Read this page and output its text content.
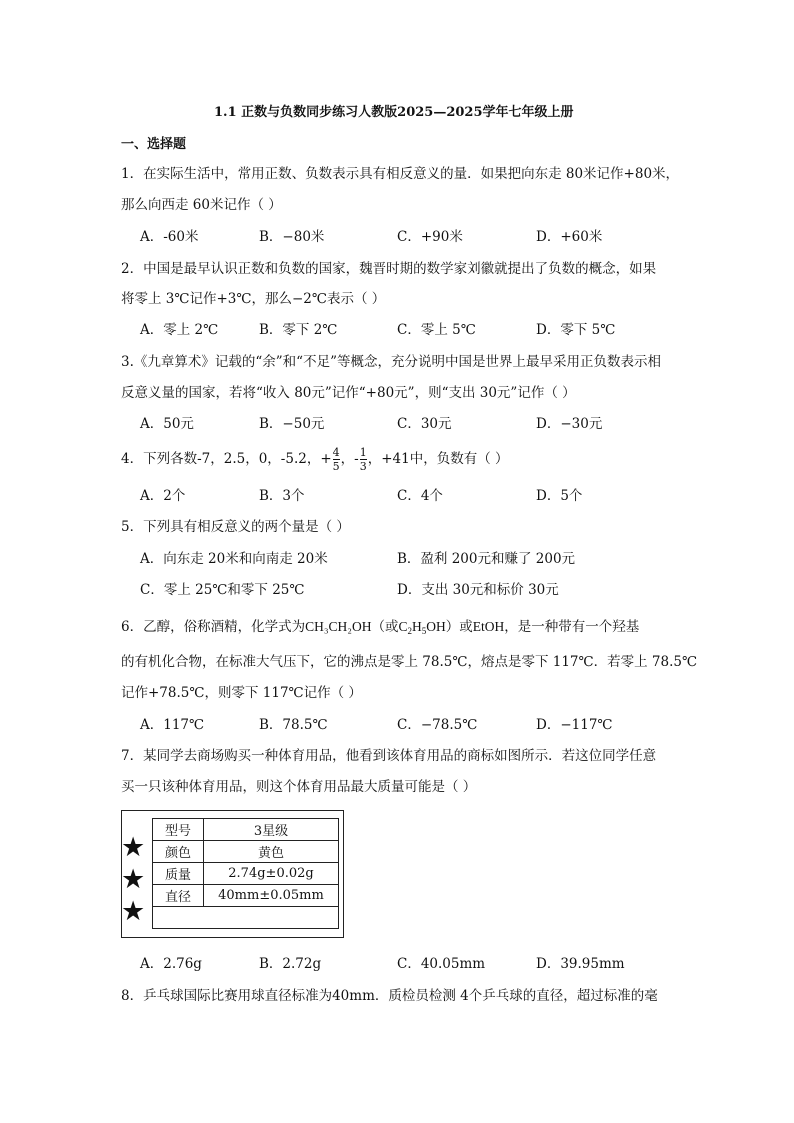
1.1 正数与负数同步练习人教版2025—2025学年七年级上册
一、选择题
1．在实际生活中，常用正数、负数表示具有相反意义的量．如果把向东走 80米记作+80米，
那么向西走 60米记作（ ）
A．-60米	B．−80米	C．+90米	D．+60米
2．中国是最早认识正数和负数的国家，魏晋时期的数学家刘徽就提出了负数的概念，如果
将零上 3℃记作+3℃，那么−2℃表示（ ）
A．零上 2℃	B．零下 2℃	C．零上 5℃	D．零下 5℃
3.《九章算术》记载的“余”和“不足”等概念，充分说明中国是世界上最早采用正负数表示相
反意义量的国家，若将“收入 80元”记作“+80元”，则“支出 30元”记作（ ）
A．50元	B．−50元	C．30元	D．−30元
4．下列各数-7，2.5，0，-5.2，+ $\frac{4}{5}$ ，- $\frac{1}{3}$ ，+41中，负数有（ ）
A．2个	B．3个	C．4个	D．5个
5．下列具有相反意义的两个量是（ ）
A．向东走 20米和向南走 20米	B．盈利 200元和赚了 200元
C．零上 25℃和零下 25℃	D．支出 30元和标价 30元
6．乙醇，俗称酒精，化学式为CH₃CH₂OH（或$C_2H_5OH$）或EtOH，是一种带有一个羟基
的有机化合物，在标准大气压下，它的沸点是零上 78.5℃，熔点是零下 117℃．若零上 78.5℃
记作+78.5℃，则零下 117℃记作（ ）
A．117℃	B．78.5℃	C．−78.5℃	D．−117℃
7．某同学去商场购买一种体育用品，他看到该体育用品的商标如图所示．若这位同学任意
买一只该种体育用品，则这个体育用品最大质量可能是（ ）
★
★
★
型号	3星级
颜色	黄色
质量	2.74g±0.02g
直径	40mm±0.05mm

A．2.76g	B．2.72g	C．40.05mm	D．39.95mm
8．乒乓球国际比赛用球直径标准为40mm．质检员检测 4个乒乓球的直径，超过标准的毫
